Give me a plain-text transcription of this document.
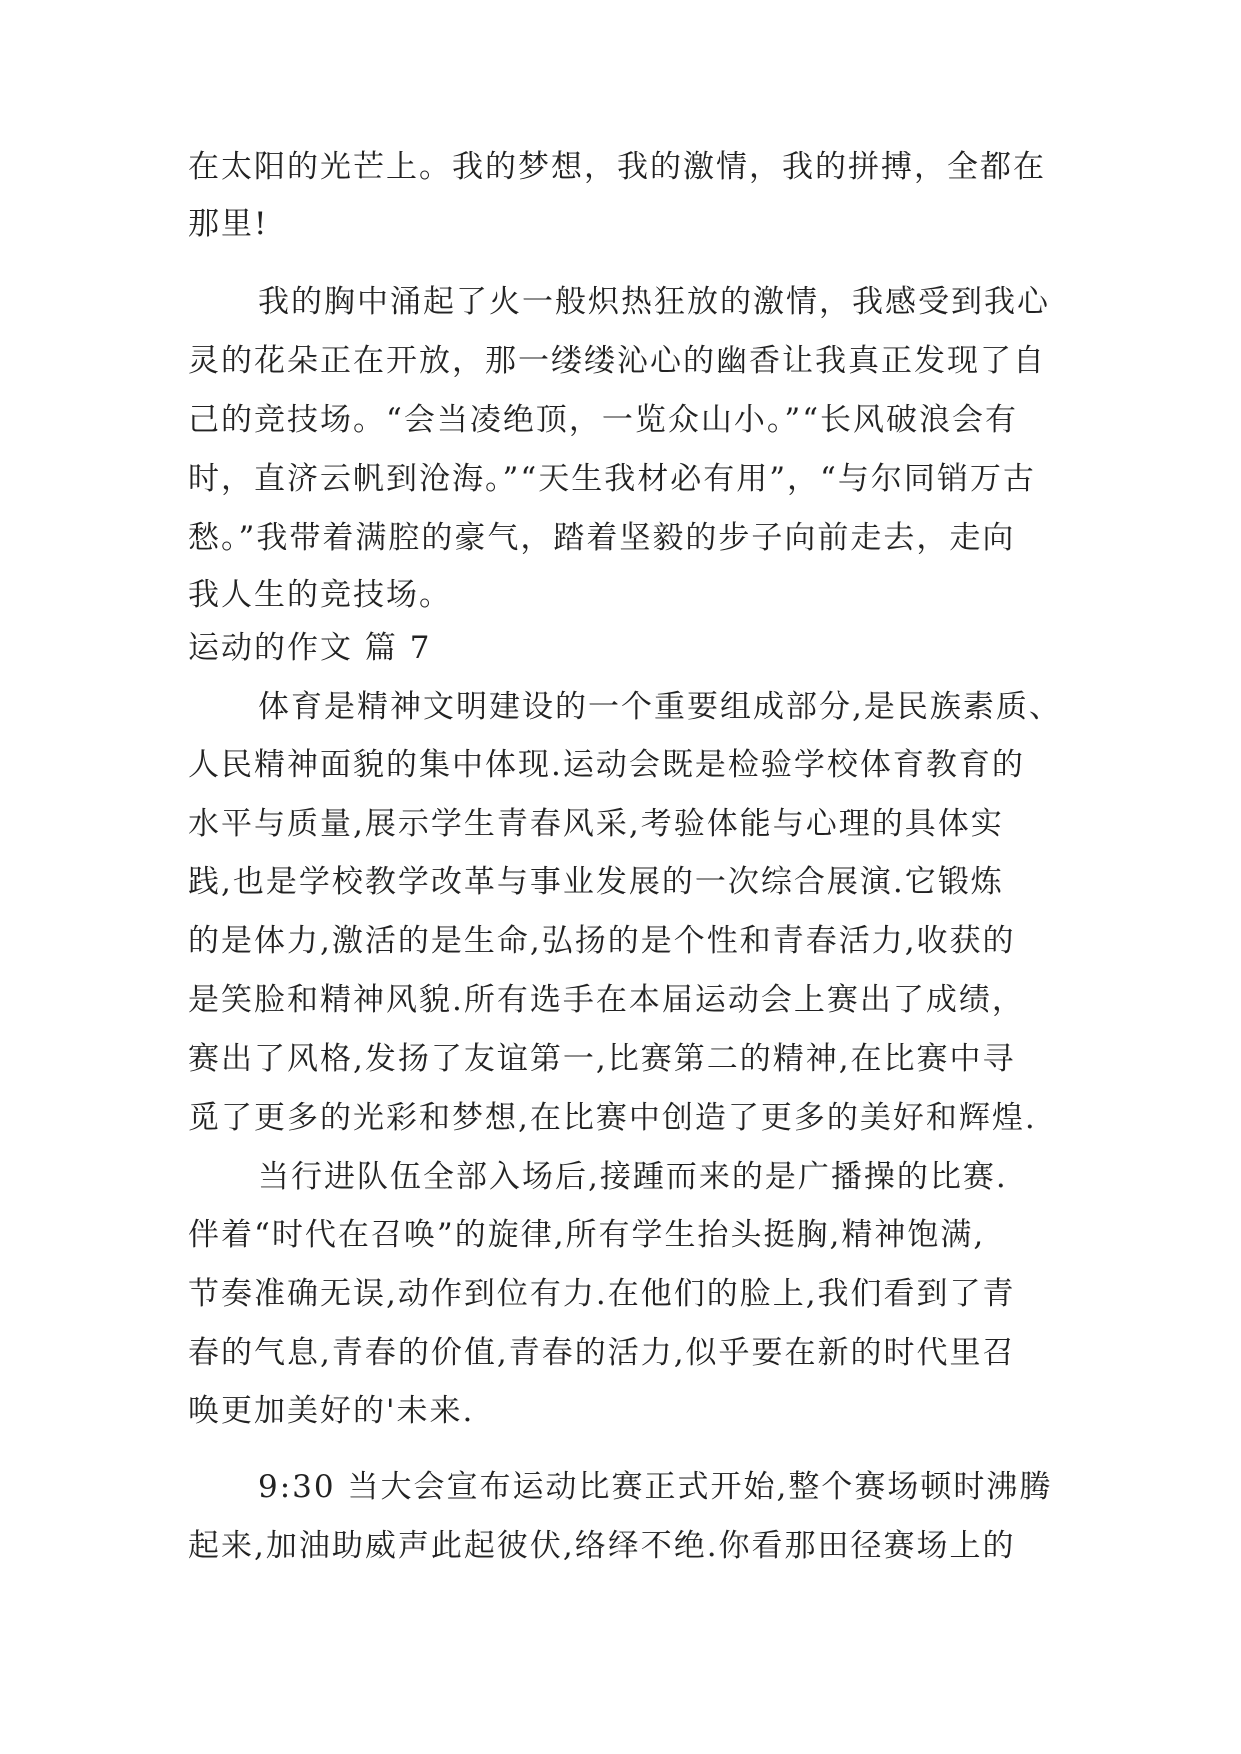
在太阳的光芒上。我的梦想，我的激情，我的拼搏，全都在
那里!
我的胸中涌起了火一般炽热狂放的激情，我感受到我心
灵的花朵正在开放，那一缕缕沁心的幽香让我真正发现了自
己的竞技场。“会当凌绝顶，一览众山小。”“长风破浪会有
时，直济云帆到沧海。”“天生我材必有用”，“与尔同销万古
愁。”我带着满腔的豪气，踏着坚毅的步子向前走去，走向
我人生的竞技场。
运动的作文 篇 7
体育是精神文明建设的一个重要组成部分,是民族素质、
人民精神面貌的集中体现.运动会既是检验学校体育教育的
水平与质量,展示学生青春风采,考验体能与心理的具体实
践,也是学校教学改革与事业发展的一次综合展演.它锻炼
的是体力,激活的是生命,弘扬的是个性和青春活力,收获的
是笑脸和精神风貌.所有选手在本届运动会上赛出了成绩，
赛出了风格,发扬了友谊第一,比赛第二的精神,在比赛中寻
觅了更多的光彩和梦想,在比赛中创造了更多的美好和辉煌.
当行进队伍全部入场后,接踵而来的是广播操的比赛.
伴着“时代在召唤”的旋律,所有学生抬头挺胸,精神饱满,
节奏准确无误,动作到位有力.在他们的脸上,我们看到了青
春的气息,青春的价值,青春的活力,似乎要在新的时代里召
唤更加美好的'未来.
9:30 当大会宣布运动比赛正式开始,整个赛场顿时沸腾
起来,加油助威声此起彼伏,络绎不绝.你看那田径赛场上的
